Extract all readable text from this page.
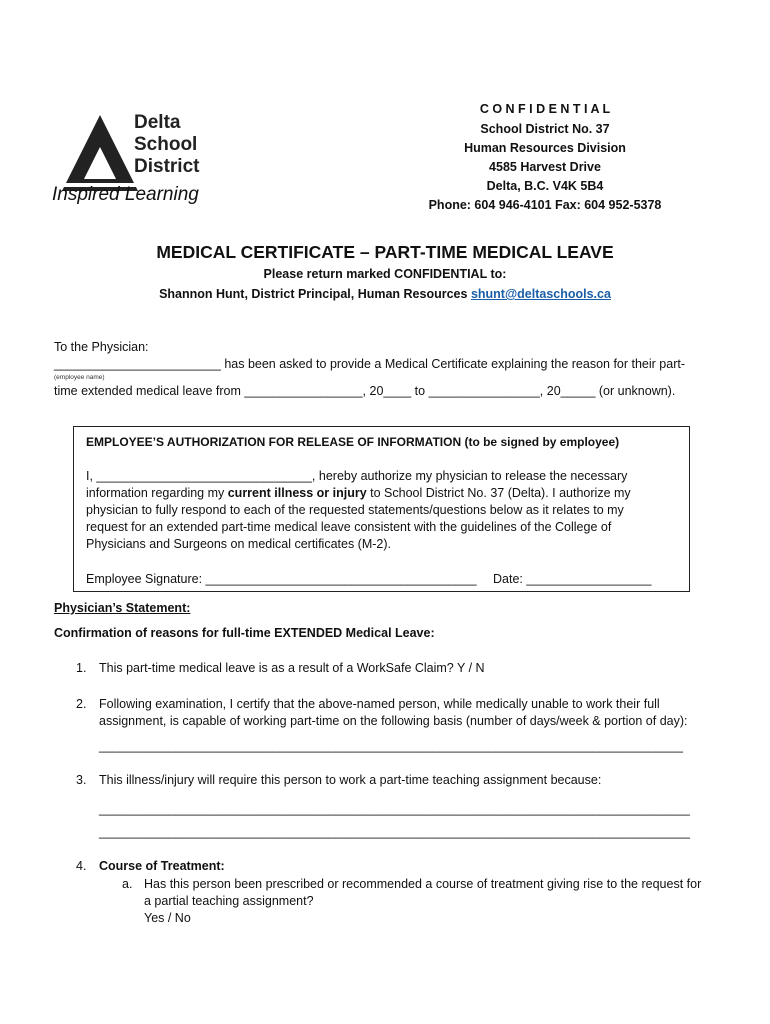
Delta
School
District
Inspired Learning
C O N F I D E N T I A L
School District No. 37
Human Resources Division
4585 Harvest Drive
Delta, B.C. V4K 5B4
Phone: 604 946-4101 Fax: 604 952-5378
MEDICAL CERTIFICATE – PART-TIME MEDICAL LEAVE
Please return marked CONFIDENTIAL to:
Shannon Hunt, District Principal, Human Resources shunt@deltaschools.ca
To the Physician:
________________________ has been asked to provide a Medical Certificate explaining the reason for their part-
(employee name)
time extended medical leave from _________________, 20____ to ________________, 20_____ (or unknown).
EMPLOYEE’S AUTHORIZATION FOR RELEASE OF INFORMATION (to be signed by employee)
I, _______________________________, hereby authorize my physician to release the necessary
information regarding my current illness or injury to School District No. 37 (Delta). I authorize my
physician to fully respond to each of the requested statements/questions below as it relates to my
request for an extended part-time medical leave consistent with the guidelines of the College of
Physicians and Surgeons on medical certificates (M-2).
Employee Signature: _______________________________________ Date: __________________
Physician’s Statement:
Confirmation of reasons for full-time EXTENDED Medical Leave:
1. This part-time medical leave is as a result of a WorkSafe Claim? Y / N
2. Following examination, I certify that the above-named person, while medically unable to work their full
assignment, is capable of working part-time on the following basis (number of days/week & portion of day):
____________________________________________________________________________________
3. This illness/injury will require this person to work a part-time teaching assignment because:
_____________________________________________________________________________________
_____________________________________________________________________________________
4. Course of Treatment:
a. Has this person been prescribed or recommended a course of treatment giving rise to the request for
a partial teaching assignment?
Yes / No
